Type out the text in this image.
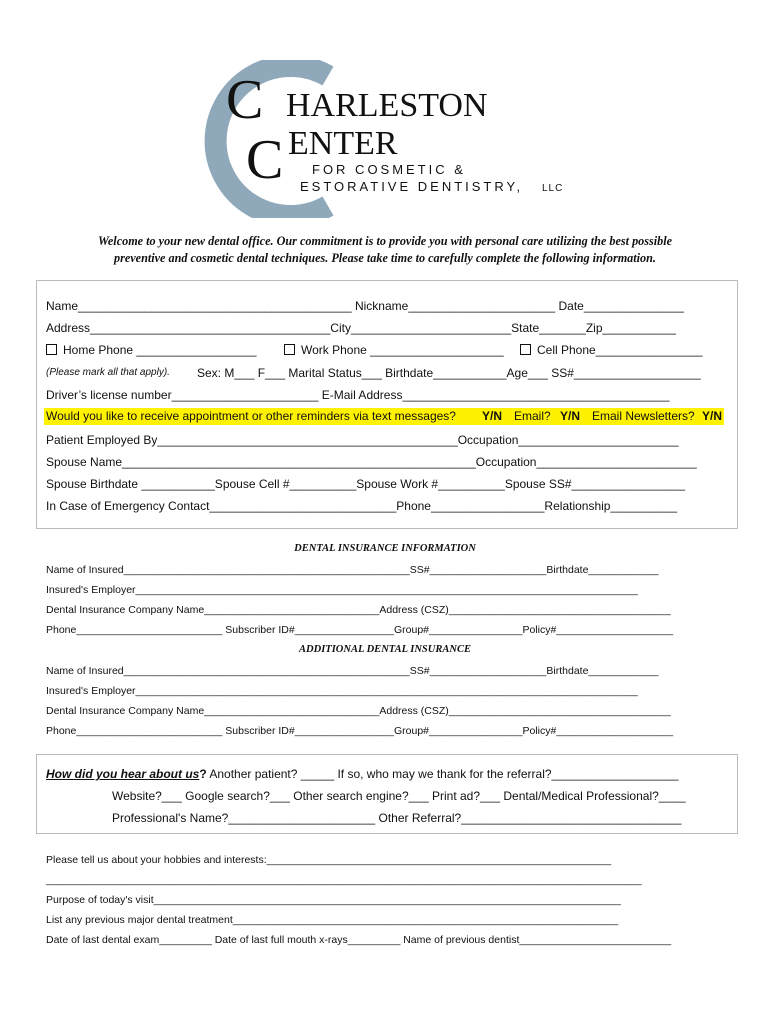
C
C
HARLESTON
ENTER
FOR COSMETIC &
ESTORATIVE DENTISTRY, LLC
Welcome to your new dental office. Our commitment is to provide you with personal care utilizing the best possible
preventive and cosmetic dental techniques. Please take time to carefully complete the following information.
Name_________________________________________ Nickname______________________ Date_______________
Address____________________________________City________________________State_______Zip___________
Home Phone __________________	Work Phone ____________________	Cell Phone________________
(Please mark all that apply). Sex: M___ F___ Marital Status___ Birthdate___________Age___ SS#___________________
Driver’s license number______________________ E-Mail Address________________________________________
Would you like to receive appointment or other reminders via text messages? Y/N Email? Y/N Email Newsletters? Y/N
Patient Employed By_____________________________________________Occupation________________________
Spouse Name_____________________________________________________Occupation________________________
Spouse Birthdate ___________Spouse Cell #__________Spouse Work #__________Spouse SS#_________________
In Case of Emergency Contact____________________________Phone_________________Relationship__________
DENTAL INSURANCE INFORMATION
Name of Insured_________________________________________________SS#____________________Birthdate____________
Insured's Employer______________________________________________________________________________________
Dental Insurance Company Name______________________________Address (CSZ)______________________________________
Phone_________________________ Subscriber ID#_________________Group#________________Policy#____________________
ADDITIONAL DENTAL INSURANCE
Name of Insured_________________________________________________SS#____________________Birthdate____________
Insured's Employer______________________________________________________________________________________
Dental Insurance Company Name______________________________Address (CSZ)______________________________________
Phone_________________________ Subscriber ID#_________________Group#________________Policy#____________________
How did you hear about us? Another patient? _____ If so, who may we thank for the referral?___________________
Website?___ Google search?___ Other search engine?___ Print ad?___ Dental/Medical Professional?____
Professional's Name?______________________ Other Referral?_________________________________
Please tell us about your hobbies and interests:___________________________________________________________
______________________________________________________________________________________________________
Purpose of today's visit________________________________________________________________________________
List any previous major dental treatment__________________________________________________________________
Date of last dental exam_________ Date of last full mouth x-rays_________ Name of previous dentist__________________________
